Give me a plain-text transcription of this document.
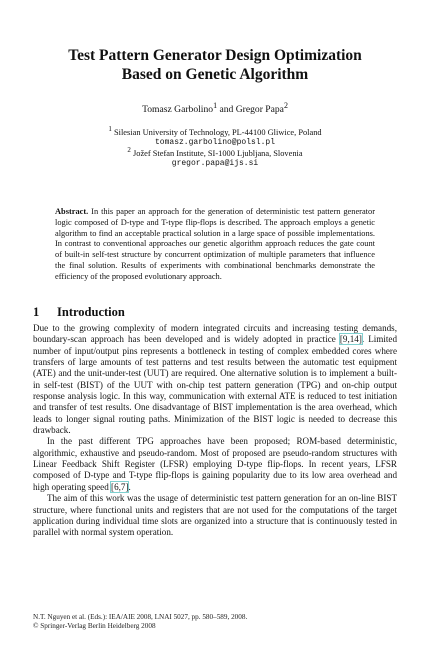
Test Pattern Generator Design Optimization
Based on Genetic Algorithm
Tomasz Garbolino$^1$ and Gregor Papa$^2$
$^1$ Silesian University of Technology, PL-44100 Gliwice, Poland
tomasz.garbolino@polsl.pl
$^2$ Jožef Stefan Institute, SI-1000 Ljubljana, Slovenia
gregor.papa@ijs.si

Abstract. In this paper an approach for the generation of deterministic test pattern generator logic composed of D-type and T-type flip-flops is described. The approach employs a genetic algorithm to find an acceptable practical solution in a large space of possible implementations. In contrast to conventional approaches our genetic algorithm approach reduces the gate count of built-in self-test structure by concurrent optimization of multiple parameters that influence the final solution. Results of experiments with combinational benchmarks demonstrate the efficiency of the proposed evolutionary approach.

1 Introduction

Due to the growing complexity of modern integrated circuits and increasing testing demands, boundary-scan approach has been developed and is widely adopted in practice [9,14]. Limited number of input/output pins represents a bottleneck in testing of complex embedded cores where transfers of large amounts of test patterns and test results between the automatic test equipment (ATE) and the unit-under-test (UUT) are required. One alternative solution is to implement a built-in self-test (BIST) of the UUT with on-chip test pattern generation (TPG) and on-chip output response analysis logic. In this way, communication with external ATE is reduced to test initiation and transfer of test results. One disadvantage of BIST implementation is the area overhead, which leads to longer signal routing paths. Minimization of the BIST logic is needed to decrease this drawback.

In the past different TPG approaches have been proposed; ROM-based deterministic, algorithmic, exhaustive and pseudo-random. Most of proposed are pseudo-random structures with Linear Feedback Shift Register (LFSR) employing D-type flip-flops. In recent years, LFSR composed of D-type and T-type flip-flops is gaining popularity due to its low area overhead and high operating speed [6,7].

The aim of this work was the usage of deterministic test pattern generation for an on-line BIST structure, where functional units and registers that are not used for the computations of the target application during individual time slots are organized into a structure that is continuously tested in parallel with normal system operation.

N.T. Nguyen et al. (Eds.): IEA/AIE 2008, LNAI 5027, pp. 580–589, 2008.
© Springer-Verlag Berlin Heidelberg 2008
